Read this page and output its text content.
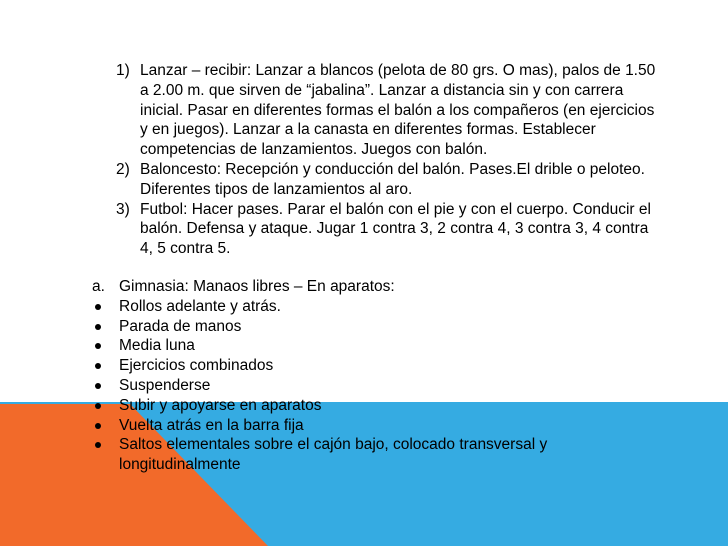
1) Lanzar – recibir: Lanzar a blancos (pelota de 80 grs. O mas), palos de 1.50 a 2.00 m. que sirven de “jabalina”. Lanzar a distancia sin y con carrera inicial. Pasar en diferentes formas el balón a los compañeros (en ejercicios y en juegos). Lanzar a la canasta en diferentes formas. Establecer competencias de lanzamientos. Juegos con balón.
2) Baloncesto: Recepción y conducción del balón. Pases.El drible o peloteo. Diferentes tipos de lanzamientos al aro.
3) Futbol: Hacer pases. Parar el balón con el pie y con el cuerpo. Conducir el balón. Defensa y ataque. Jugar 1 contra 3, 2 contra 4, 3 contra 3, 4 contra 4, 5 contra 5.
a. Gimnasia: Manaos libres – En aparatos:
Rollos adelante y atrás.
Parada de manos
Media luna
Ejercicios combinados
Suspenderse
Subir y apoyarse en aparatos
Vuelta atrás en la barra fija
Saltos elementales sobre el cajón bajo, colocado transversal y longitudinalmente
